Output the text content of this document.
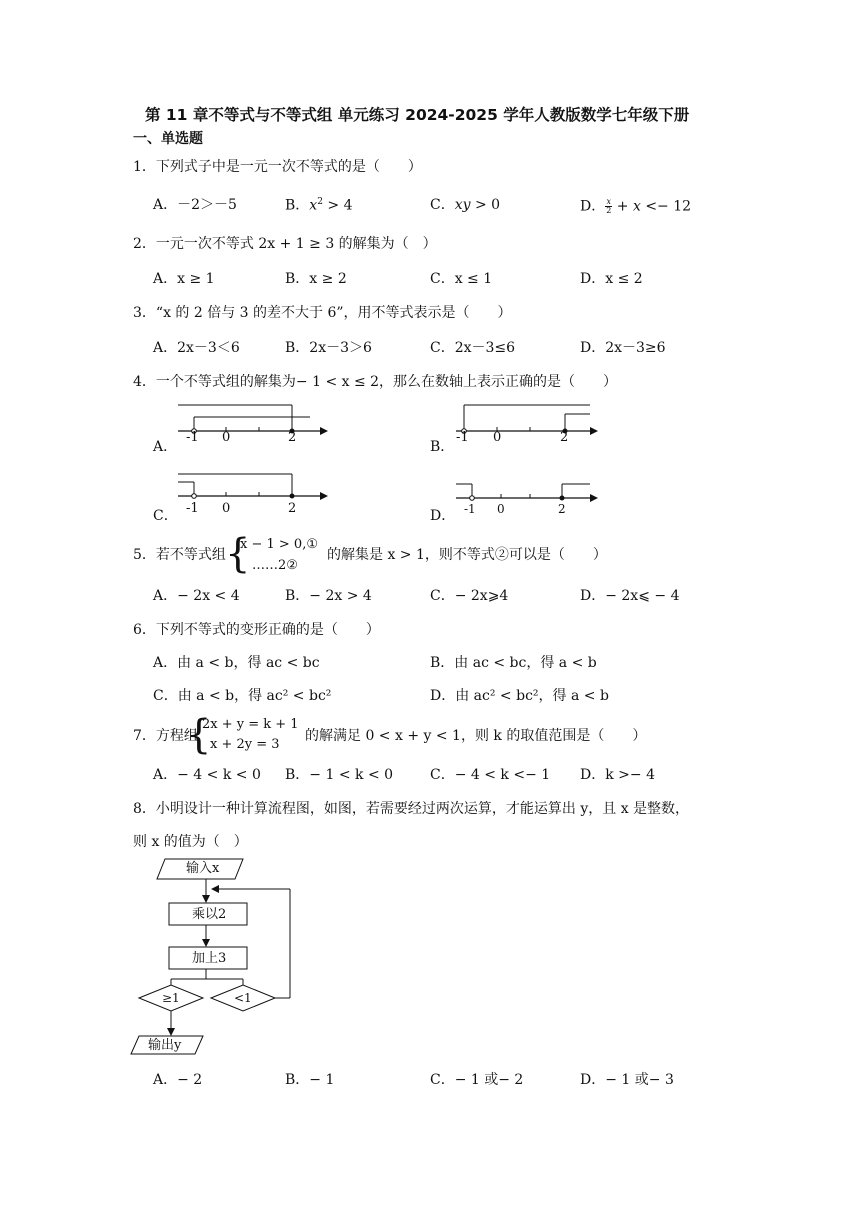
第 11 章不等式与不等式组 单元练习 2024-2025 学年人教版数学七年级下册
一、单选题
1．下列式子中是一元一次不等式的是（　　）
A．－2＞－5	B．$x^2 > 4$	C．xy > 0	D．$\frac{x}{2} + x <- 12$
2．一元一次不等式 2x + 1 ≥ 3 的解集为（　）
A．x ≥ 1	B．x ≥ 2	C．x ≤ 1	D．x ≤ 2
3．“x 的 2 倍与 3 的差不大于 6”，用不等式表示是（　　）
A．2x－3＜6	B．2x－3＞6	C．2x－3≤6	D．2x－3≥6
4．一个不等式组的解集为− 1 < x ≤ 2，那么在数轴上表示正确的是（　　）
-1 0	2
A．
-1 0	2
B．
-1 0	2
C．	-1 0	2
D．
5．若不等式组 {
x − 1 > 0,①
……2②
的解集是 x > 1，则不等式②可以是（　　）
A．− 2x < 4	B．− 2x > 4	C．− 2x⩾4	D．− 2x⩽ − 4
6．下列不等式的变形正确的是（　　）
A．由 a < b，得 ac < bc	B．由 ac < bc，得 a < b
C．由 a < b，得 ac² < bc²	D．由 ac² < bc²，得 a < b
7．方程组
{
2x + y = k + 1
x + 2y = 3
的解满足 0 < x + y < 1，则 k 的取值范围是（　　）
A．− 4 < k < 0 B．− 1 < k < 0	C．− 4 < k <− 1 D．k >− 4
8．小明设计一种计算流程图，如图，若需要经过两次运算，才能运算出 y，且 x 是整数，
则 x 的值为（　）
输入x
乘以2
加上3
≥1	<1
输出y
A．− 2	B．− 1	C．− 1 或− 2	D．− 1 或− 3
